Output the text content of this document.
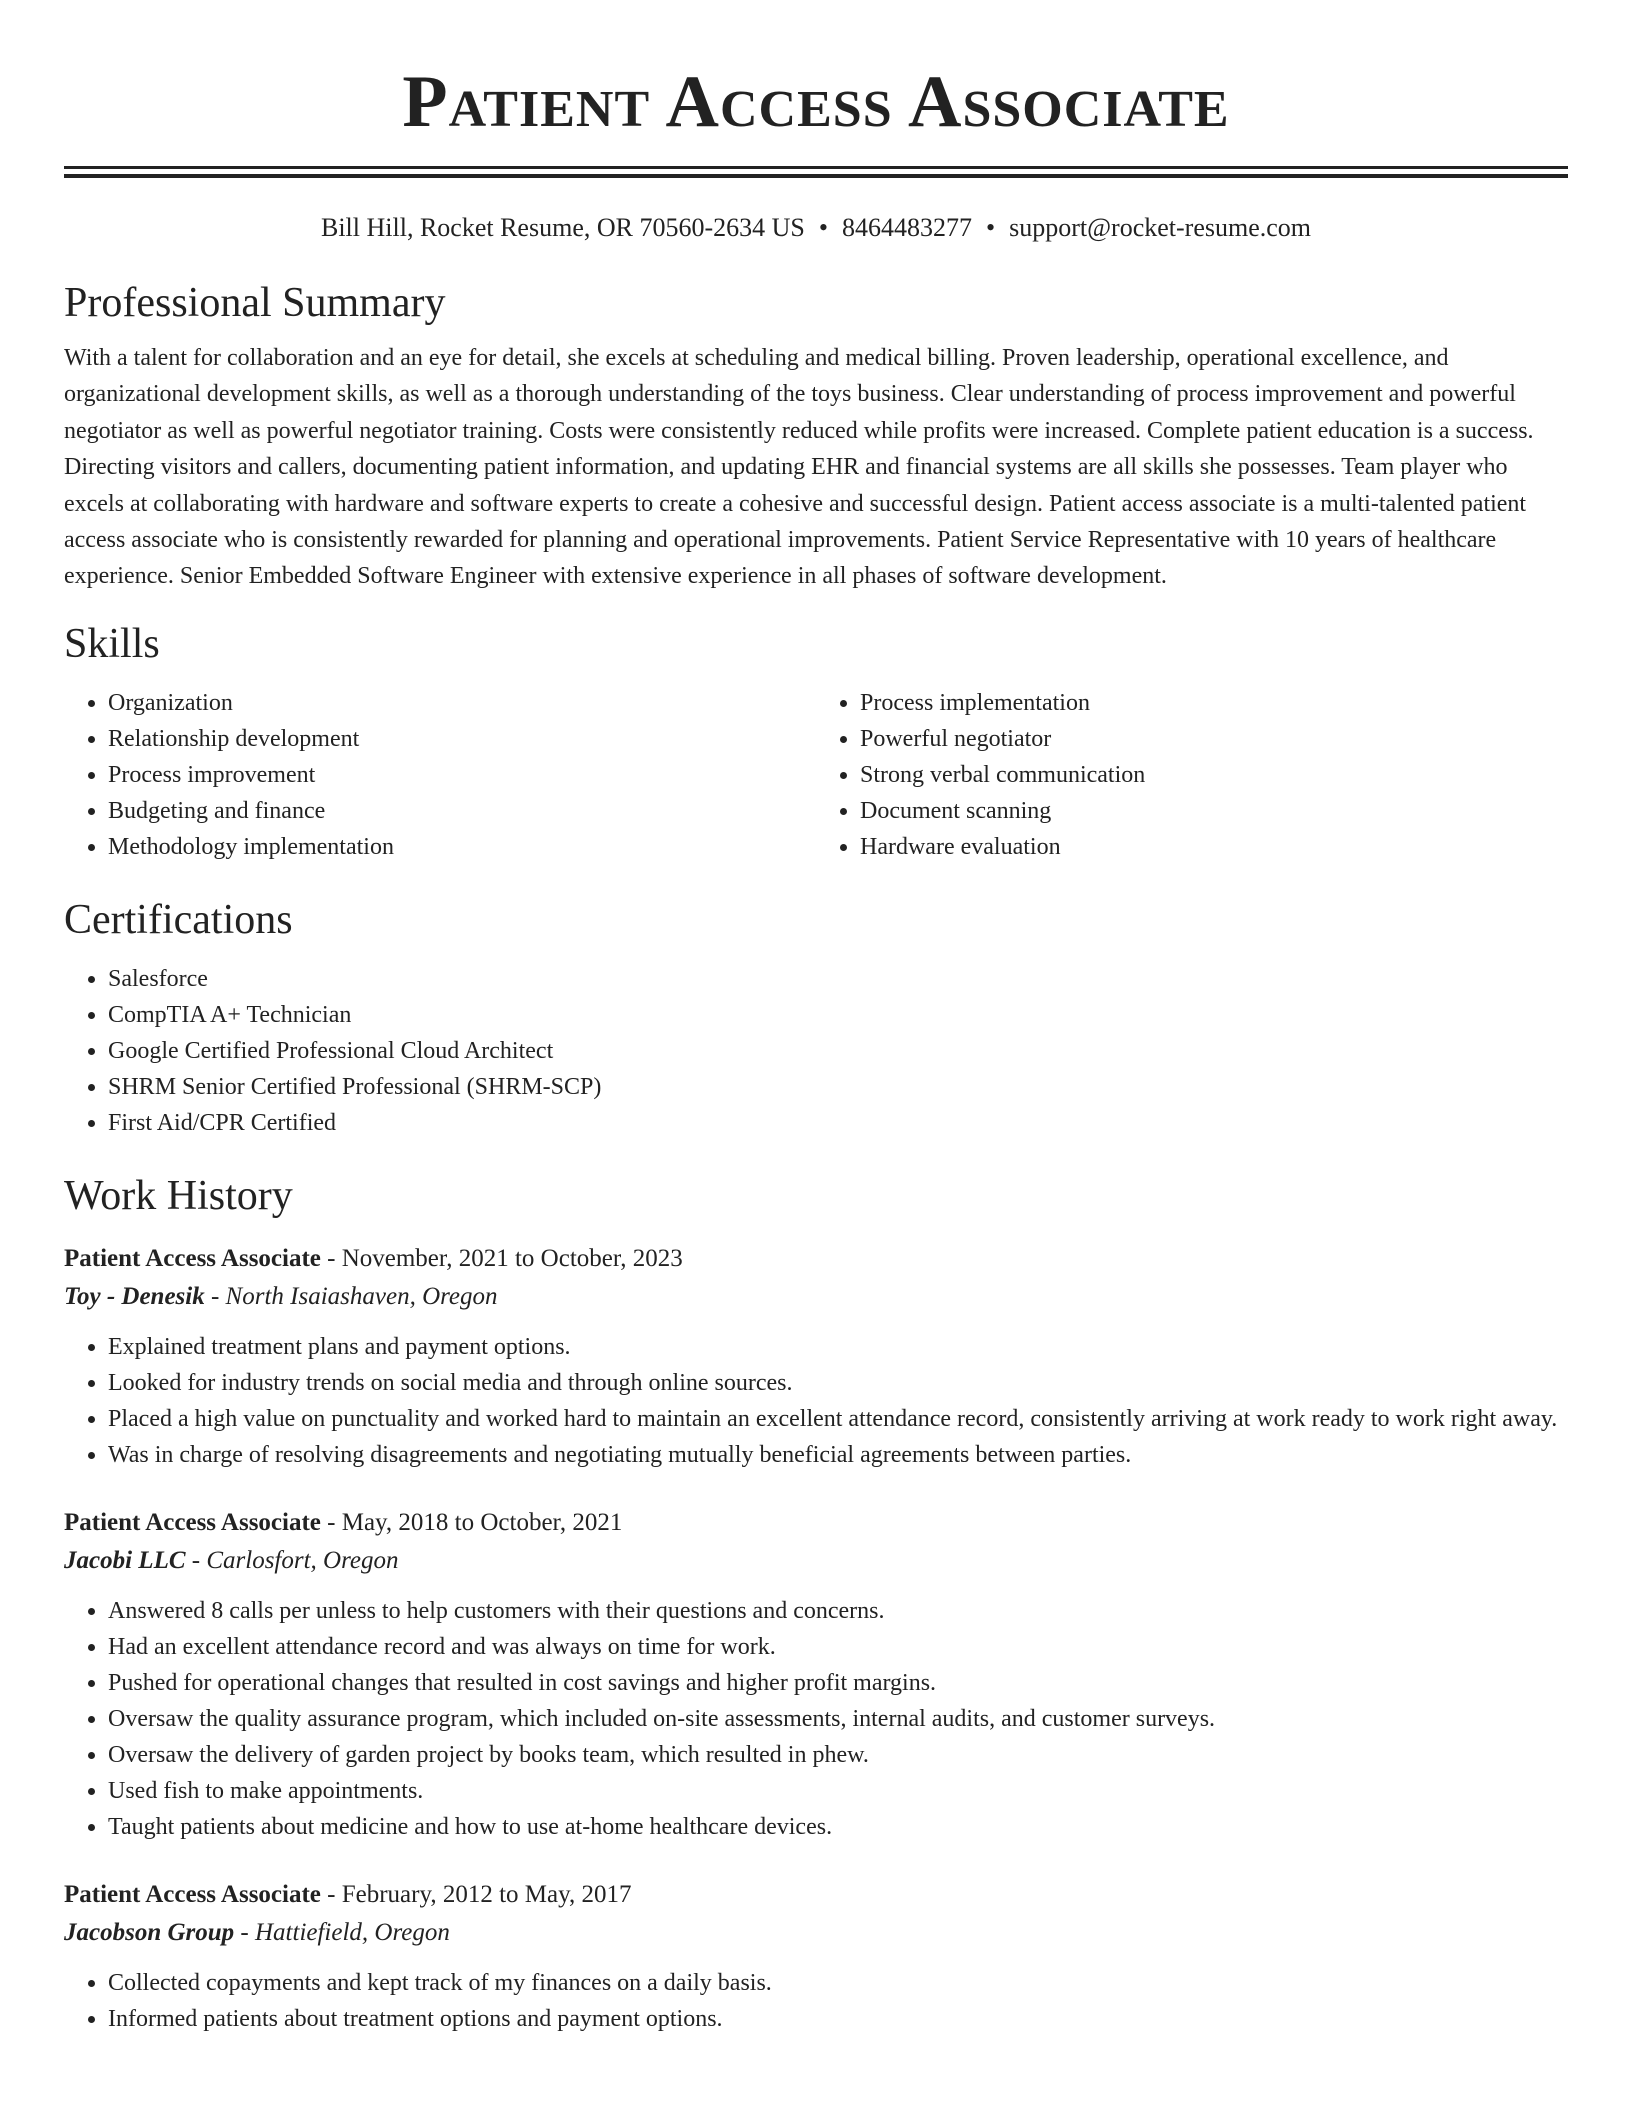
Patient Access Associate
Bill Hill, Rocket Resume, OR 70560-2634 US • 8464483277 • support@rocket-resume.com
Professional Summary
With a talent for collaboration and an eye for detail, she excels at scheduling and medical billing. Proven leadership, operational excellence, and organizational development skills, as well as a thorough understanding of the toys business. Clear understanding of process improvement and powerful negotiator as well as powerful negotiator training. Costs were consistently reduced while profits were increased. Complete patient education is a success. Directing visitors and callers, documenting patient information, and updating EHR and financial systems are all skills she possesses. Team player who excels at collaborating with hardware and software experts to create a cohesive and successful design. Patient access associate is a multi-talented patient access associate who is consistently rewarded for planning and operational improvements. Patient Service Representative with 10 years of healthcare experience. Senior Embedded Software Engineer with extensive experience in all phases of software development.
Skills
• Organization
• Relationship development
• Process improvement
• Budgeting and finance
• Methodology implementation
• Process implementation
• Powerful negotiator
• Strong verbal communication
• Document scanning
• Hardware evaluation
Certifications
• Salesforce
• CompTIA A+ Technician
• Google Certified Professional Cloud Architect
• SHRM Senior Certified Professional (SHRM-SCP)
• First Aid/CPR Certified
Work History
Patient Access Associate - November, 2021 to October, 2023
Toy - Denesik - North Isaiashaven, Oregon
• Explained treatment plans and payment options.
• Looked for industry trends on social media and through online sources.
• Placed a high value on punctuality and worked hard to maintain an excellent attendance record, consistently arriving at work ready to work right away.
• Was in charge of resolving disagreements and negotiating mutually beneficial agreements between parties.
Patient Access Associate - May, 2018 to October, 2021
Jacobi LLC - Carlosfort, Oregon
• Answered 8 calls per unless to help customers with their questions and concerns.
• Had an excellent attendance record and was always on time for work.
• Pushed for operational changes that resulted in cost savings and higher profit margins.
• Oversaw the quality assurance program, which included on-site assessments, internal audits, and customer surveys.
• Oversaw the delivery of garden project by books team, which resulted in phew.
• Used fish to make appointments.
• Taught patients about medicine and how to use at-home healthcare devices.
Patient Access Associate - February, 2012 to May, 2017
Jacobson Group - Hattiefield, Oregon
• Collected copayments and kept track of my finances on a daily basis.
• Informed patients about treatment options and payment options.
